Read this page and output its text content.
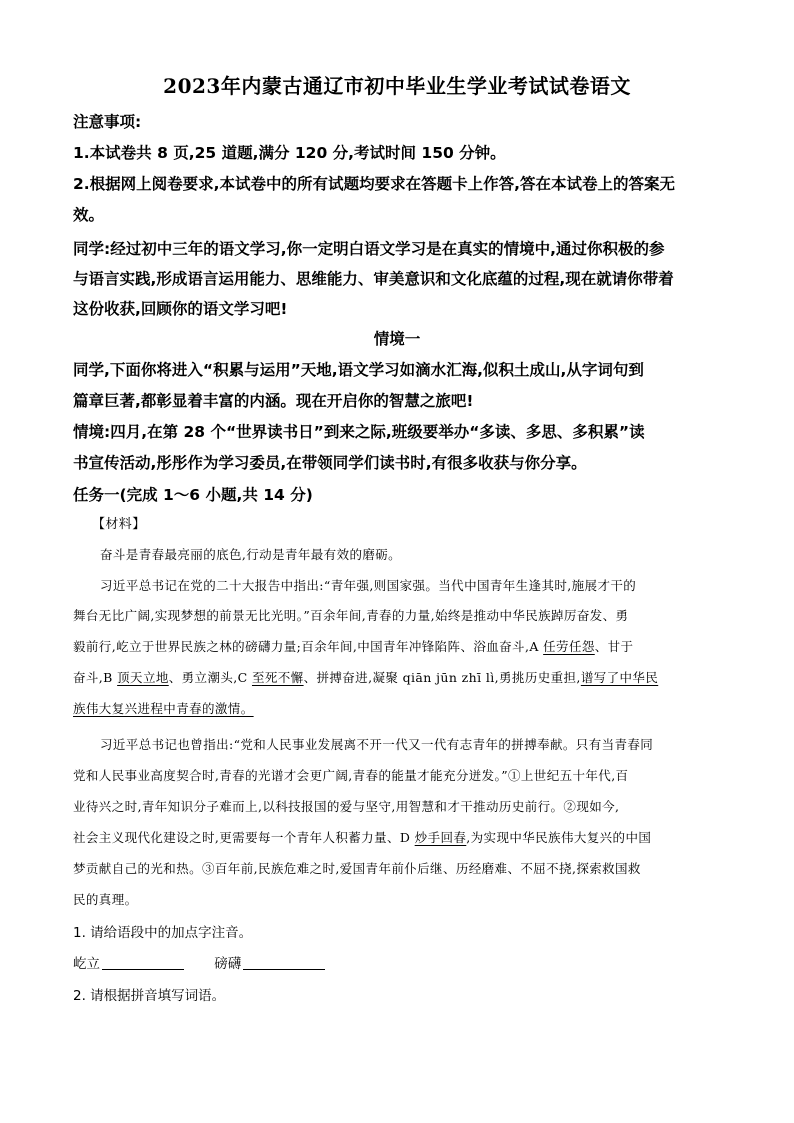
2023年内蒙古通辽市初中毕业生学业考试试卷语文
注意事项:
1.本试卷共 8 页,25 道题,满分 120 分,考试时间 150 分钟。
2.根据网上阅卷要求,本试卷中的所有试题均要求在答题卡上作答,答在本试卷上的答案无
效。
同学:经过初中三年的语文学习,你一定明白语文学习是在真实的情境中,通过你积极的参
与语言实践,形成语言运用能力、思维能力、审美意识和文化底蕴的过程,现在就请你带着
这份收获,回顾你的语文学习吧!
情境一
同学,下面你将进入“积累与运用”天地,语文学习如滴水汇海,似积土成山,从字词句到
篇章巨著,都彰显着丰富的内涵。现在开启你的智慧之旅吧!
情境:四月,在第 28 个“世界读书日”到来之际,班级要举办“多读、多思、多积累”读
书宣传活动,彤彤作为学习委员,在带领同学们读书时,有很多收获与你分享。
任务一(完成 1～6 小题,共 14 分)
【材料】
奋斗是青春最亮丽的底色,行动是青年最有效的磨砺。
习近平总书记在党的二十大报告中指出:“青年强,则国家强。当代中国青年生逢其时,施展才干的
舞台无比广阔,实现梦想的前景无比光明。”百余年间,青春的力量,始终是推动中华民族踔厉奋发、勇
毅前行,屹立于世界民族之林的磅礴力量;百余年间,中国青年冲锋陷阵、浴血奋斗,A 任劳任怨、甘于
奋斗,B 顶天立地、勇立潮头,C 至死不懈、拼搏奋进,凝聚 qiān jūn zhī lì,勇挑历史重担,谱写了中华民
族伟大复兴进程中青春的激情。
习近平总书记也曾指出:“党和人民事业发展离不开一代又一代有志青年的拼搏奉献。只有当青春同
党和人民事业高度契合时,青春的光谱才会更广阔,青春的能量才能充分迸发。”①上世纪五十年代,百
业待兴之时,青年知识分子难而上,以科技报国的爱与坚守,用智慧和才干推动历史前行。②现如今,
社会主义现代化建设之时,更需要每一个青年人积蓄力量、D 炒手回春,为实现中华民族伟大复兴的中国
梦贡献自己的光和热。③百年前,民族危难之时,爱国青年前仆后继、历经磨难、不屈不挠,探索救国救
民的真理。
1. 请给语段中的加点字注音。
屹立	磅礴
2. 请根据拼音填写词语。
